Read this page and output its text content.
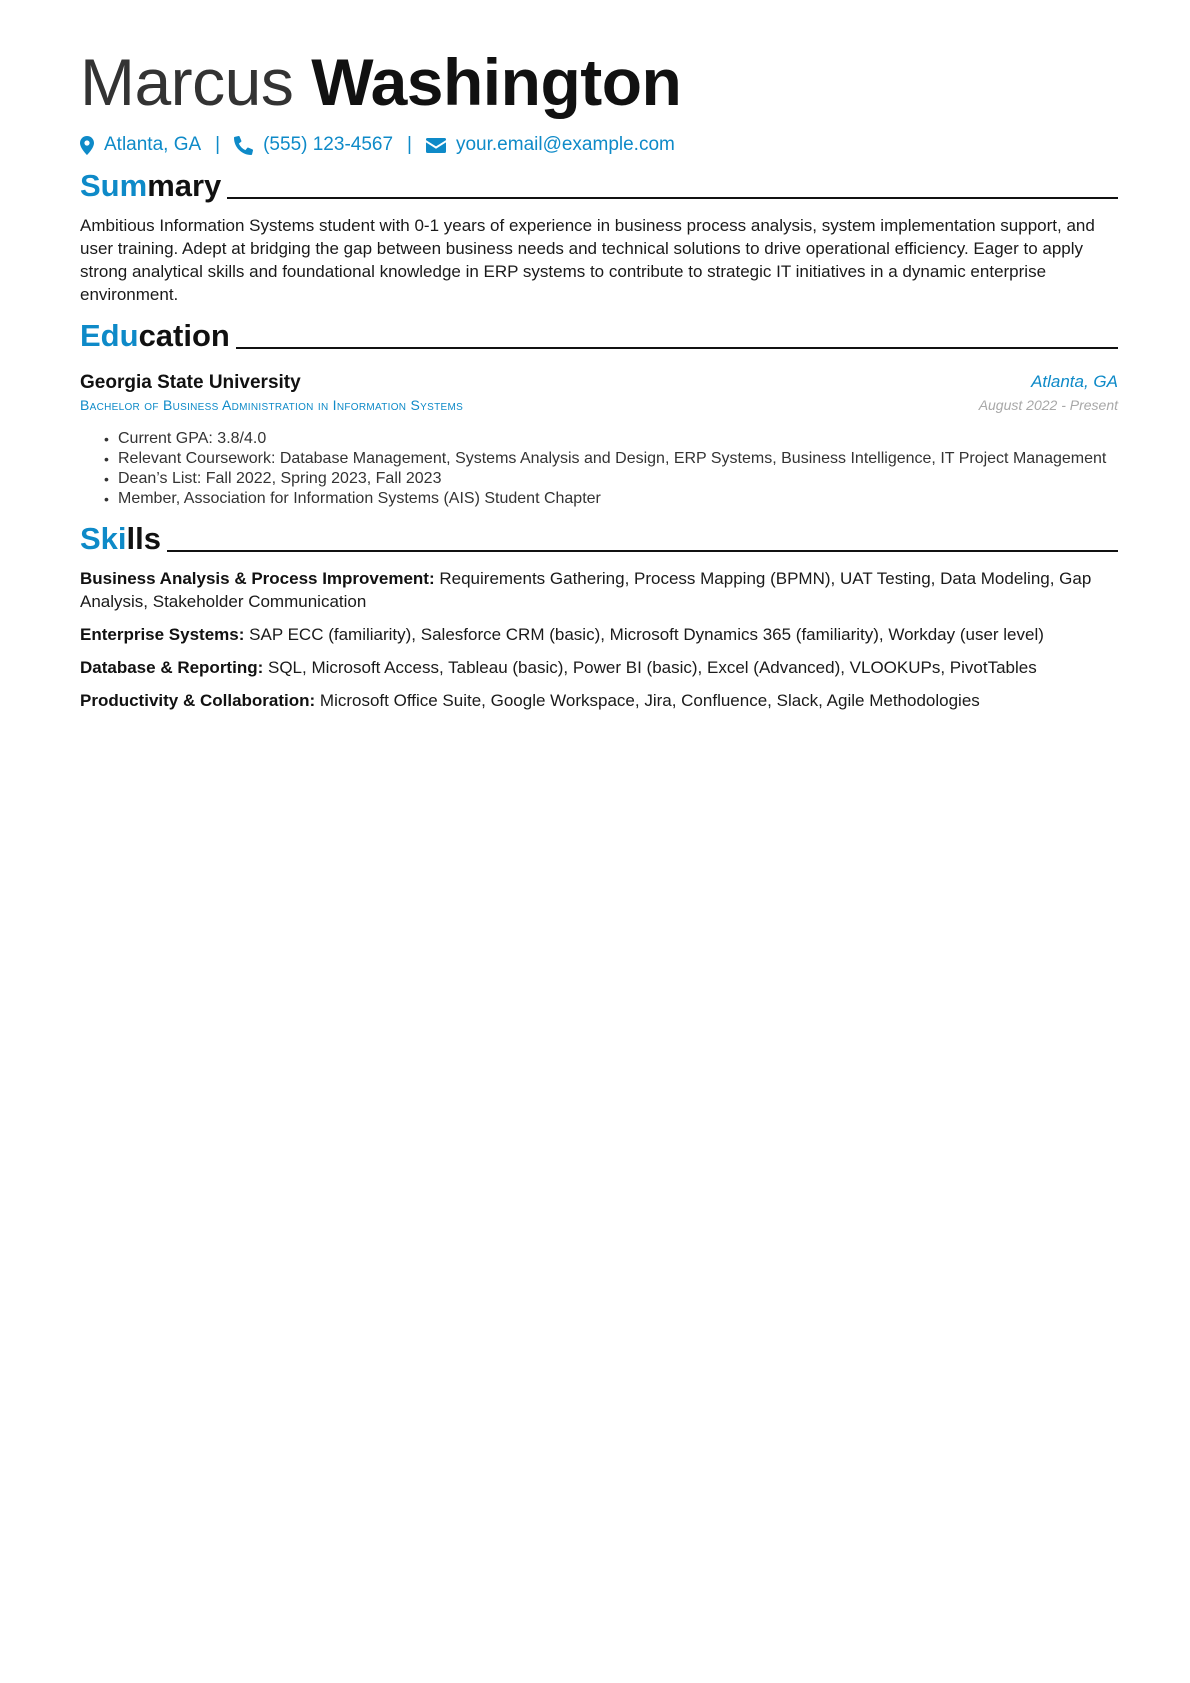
Marcus Washington
Atlanta, GA | (555) 123-4567 | your.email@example.com
Summary

Ambitious Information Systems student with 0-1 years of experience in business process analysis, system implementation support, and user training. Adept at bridging the gap between business needs and technical solutions to drive operational efficiency. Eager to apply strong analytical skills and foundational knowledge in ERP systems to contribute to strategic IT initiatives in a dynamic enterprise environment.

Education
Georgia State University	Atlanta, GA
Bachelor of Business Administration in Information Systems	August 2022 - Present
• Current GPA: 3.8/4.0
• Relevant Coursework: Database Management, Systems Analysis and Design, ERP Systems, Business Intelligence, IT Project Management
• Dean’s List: Fall 2022, Spring 2023, Fall 2023
• Member, Association for Information Systems (AIS) Student Chapter
Skills

Business Analysis & Process Improvement: Requirements Gathering, Process Mapping (BPMN), UAT Testing, Data Modeling, Gap Analysis, Stakeholder Communication

Enterprise Systems: SAP ECC (familiarity), Salesforce CRM (basic), Microsoft Dynamics 365 (familiarity), Workday (user level)

Database & Reporting: SQL, Microsoft Access, Tableau (basic), Power BI (basic), Excel (Advanced), VLOOKUPs, PivotTables

Productivity & Collaboration: Microsoft Office Suite, Google Workspace, Jira, Confluence, Slack, Agile Methodologies
